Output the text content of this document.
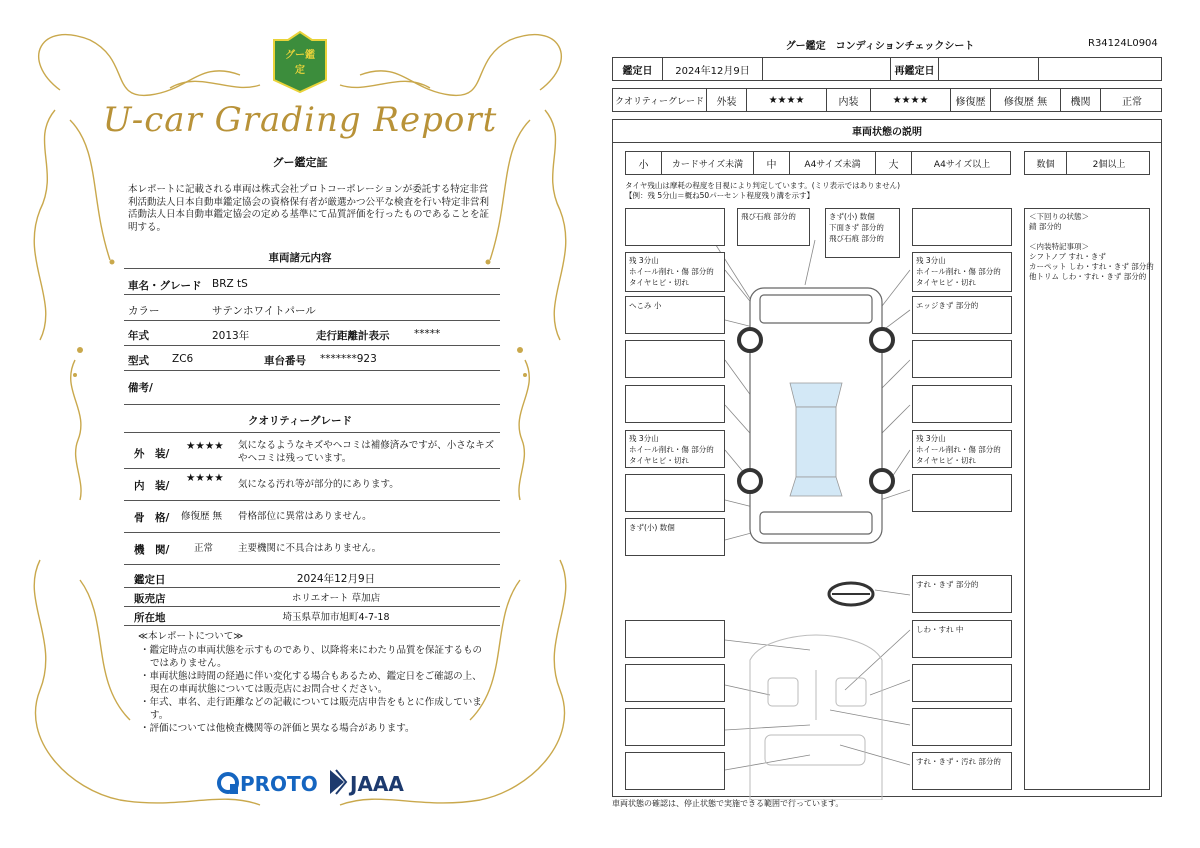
グー鑑定
U-car Grading Report
グー鑑定証
本レポートに記載される車両は株式会社プロトコーポレーションが委託する特定非営利活動法人日本自動車鑑定協会の資格保有者が厳選かつ公平な検査を行い特定非営利活動法人日本自動車鑑定協会の定める基準にて品質評価を行ったものであることを証明する。
車両諸元内容
車名・グレード BRZ tS
カラー	サテンホワイトパール
年式	2013年	走行距離計表示 *****
型式 ZC6	車台番号 *******923
備考/
クオリティーグレード
外　装/
★★★★ 気になるようなキズやヘコミは補修済みですが、小さなキズやヘコミは残っています。
内　装/
★★★★
気になる汚れ等が部分的にあります。
骨　格/ 修復歴 無 骨格部位に異常はありません。
機　関/	正常	主要機関に不具合はありません。
鑑定日	2024年12月9日
販売店	ホリエオート 草加店
所在地	埼玉県草加市旭町4-7-18
≪本レポートについて≫
・鑑定時点の車両状態を示すものであり、以降将来にわたり品質を保証するものではありません。
・車両状態は時間の経過に伴い変化する場合もあるため、鑑定日をご確認の上、現在の車両状態については販売店にお問合せください。
・年式、車名、走行距離などの記載については販売店申告をもとに作成しています。
・評価については他検査機関等の評価と異なる場合があります。
PROTO JAAA
グー鑑定　コンディションチェックシート	R34124L0904
鑑定日	2024年12月9日	再鑑定日
クオリティーグレード	外装	★★★★	内装	★★★★	修復歴	修復歴 無	機関	正常
車両状態の説明
小	カードサイズ未満	中	A4サイズ未満	大	A4サイズ以上	数個	2個以上
タイヤ残山は摩耗の程度を目視により判定しています。(ミリ表示ではありません)
【例：残 5分山＝概ね50パーセント程度残り溝を示す】
飛び石痕 部分的	きず(小) 数個
下面きず 部分的
飛び石痕 部分的
残 3分山
ホイール削れ・傷 部分的
タイヤヒビ・切れ
残 3分山
ホイール削れ・傷 部分的
タイヤヒビ・切れ
へこみ 小	エッジきず 部分的
残 3分山
ホイール削れ・傷 部分的
タイヤヒビ・切れ
残 3分山
ホイール削れ・傷 部分的
タイヤヒビ・切れ
きず(小) 数個
すれ・きず 部分的
しわ・すれ 中
すれ・きず・汚れ 部分的
＜下回りの状態＞
錆 部分的

＜内装特記事項＞
シフトノブ すれ・きず
カーペット しわ・すれ・きず 部分的
他トリム しわ・すれ・きず 部分的
車両状態の確認は、停止状態で実施できる範囲で行っています。
